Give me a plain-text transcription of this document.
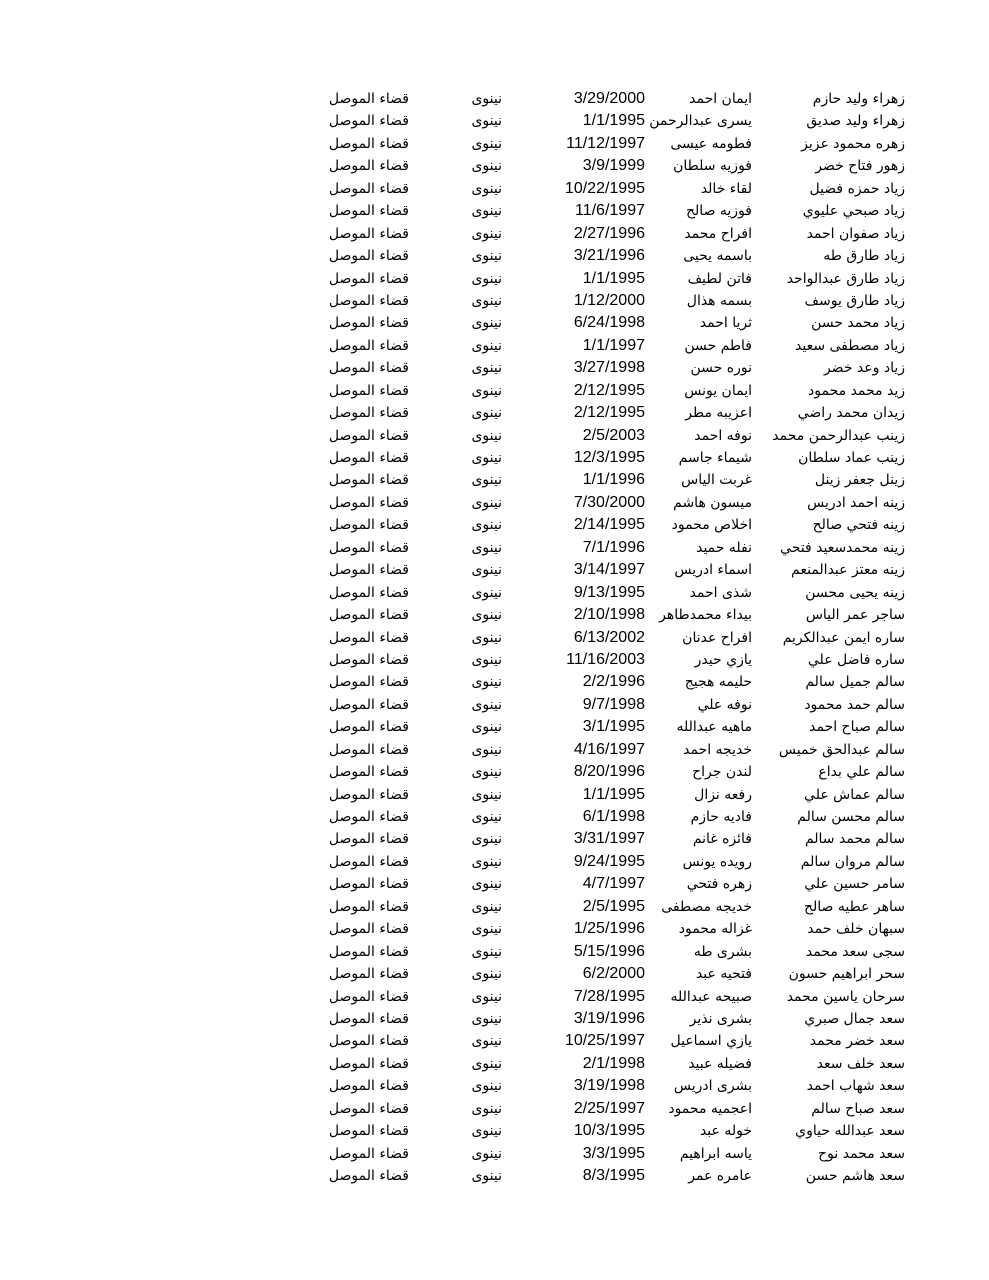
زهراء وليد حازم
ايمان احمد
3/29/2000
نينوى
قضاء الموصل
زهراء وليد صديق
يسرى عبدالرحمن
1/1/1995
نينوى
قضاء الموصل
زهره محمود عزيز
فطومه عيسى
11/12/1997
نينوى
قضاء الموصل
زهور فتاح خضر
فوزيه سلطان
3/9/1999
نينوى
قضاء الموصل
زياد حمزه فضيل
لقاء خالد
10/22/1995
نينوى
قضاء الموصل
زياد صبحي عليوي
فوزيه صالح
11/6/1997
نينوى
قضاء الموصل
زياد صفوان احمد
افراح محمد
2/27/1996
نينوى
قضاء الموصل
زياد طارق طه
باسمه يحيى
3/21/1996
نينوى
قضاء الموصل
زياد طارق عبدالواحد
فاتن لطيف
1/1/1995
نينوى
قضاء الموصل
زياد طارق يوسف
بسمه هذال
1/12/2000
نينوى
قضاء الموصل
زياد محمد حسن
ثريا احمد
6/24/1998
نينوى
قضاء الموصل
زياد مصطفى سعيد
فاطم حسن
1/1/1997
نينوى
قضاء الموصل
زياد وعد خضر
نوره حسن
3/27/1998
نينوى
قضاء الموصل
زيد محمد محمود
ايمان يونس
2/12/1995
نينوى
قضاء الموصل
زيدان محمد راضي
اعزيبه مطر
2/12/1995
نينوى
قضاء الموصل
زينب عبدالرحمن محمد
نوفه احمد
2/5/2003
نينوى
قضاء الموصل
زينب عماد سلطان
شيماء جاسم
12/3/1995
نينوى
قضاء الموصل
زينل جعفر زينل
غربت الياس
1/1/1996
نينوى
قضاء الموصل
زينه احمد ادريس
ميسون هاشم
7/30/2000
نينوى
قضاء الموصل
زينه فتحي صالح
اخلاص محمود
2/14/1995
نينوى
قضاء الموصل
زينه محمدسعيد فتحي
نفله حميد
7/1/1996
نينوى
قضاء الموصل
زينه معتز عبدالمنعم
اسماء ادريس
3/14/1997
نينوى
قضاء الموصل
زينه يحيى محسن
شذى احمد
9/13/1995
نينوى
قضاء الموصل
ساجر عمر الياس
بيداء محمدطاهر
2/10/1998
نينوى
قضاء الموصل
ساره ايمن عبدالكريم
افراح عدنان
6/13/2002
نينوى
قضاء الموصل
ساره فاضل علي
يازي حيدر
11/16/2003
نينوى
قضاء الموصل
سالم جميل سالم
حليمه هجيج
2/2/1996
نينوى
قضاء الموصل
سالم حمد محمود
نوفه علي
9/7/1998
نينوى
قضاء الموصل
سالم صباح احمد
ماهيه عبدالله
3/1/1995
نينوى
قضاء الموصل
سالم عبدالحق خميس
خديجه احمد
4/16/1997
نينوى
قضاء الموصل
سالم علي بداع
لندن جراح
8/20/1996
نينوى
قضاء الموصل
سالم عماش علي
رفعه نزال
1/1/1995
نينوى
قضاء الموصل
سالم محسن سالم
فاديه حازم
6/1/1998
نينوى
قضاء الموصل
سالم محمد سالم
فائزه غانم
3/31/1997
نينوى
قضاء الموصل
سالم مروان سالم
رويده يونس
9/24/1995
نينوى
قضاء الموصل
سامر حسين علي
زهره فتحي
4/7/1997
نينوى
قضاء الموصل
ساهر عطيه صالح
خديجه مصطفى
2/5/1995
نينوى
قضاء الموصل
سبهان خلف حمد
غزاله محمود
1/25/1996
نينوى
قضاء الموصل
سجى سعد محمد
بشرى طه
5/15/1996
نينوى
قضاء الموصل
سحر ابراهيم حسون
فتحيه عبد
6/2/2000
نينوى
قضاء الموصل
سرحان ياسين محمد
صبيحه عبدالله
7/28/1995
نينوى
قضاء الموصل
سعد جمال صبري
بشرى نذير
3/19/1996
نينوى
قضاء الموصل
سعد خضر محمد
يازي اسماعيل
10/25/1997
نينوى
قضاء الموصل
سعد خلف سعد
فضيله عبيد
2/1/1998
نينوى
قضاء الموصل
سعد شهاب احمد
بشرى ادريس
3/19/1998
نينوى
قضاء الموصل
سعد صباح سالم
اعجميه محمود
2/25/1997
نينوى
قضاء الموصل
سعد عبدالله حياوي
خوله عبد
10/3/1995
نينوى
قضاء الموصل
سعد محمد نوح
ياسه ابراهيم
3/3/1995
نينوى
قضاء الموصل
سعد هاشم حسن
عامره عمر
8/3/1995
نينوى
قضاء الموصل
